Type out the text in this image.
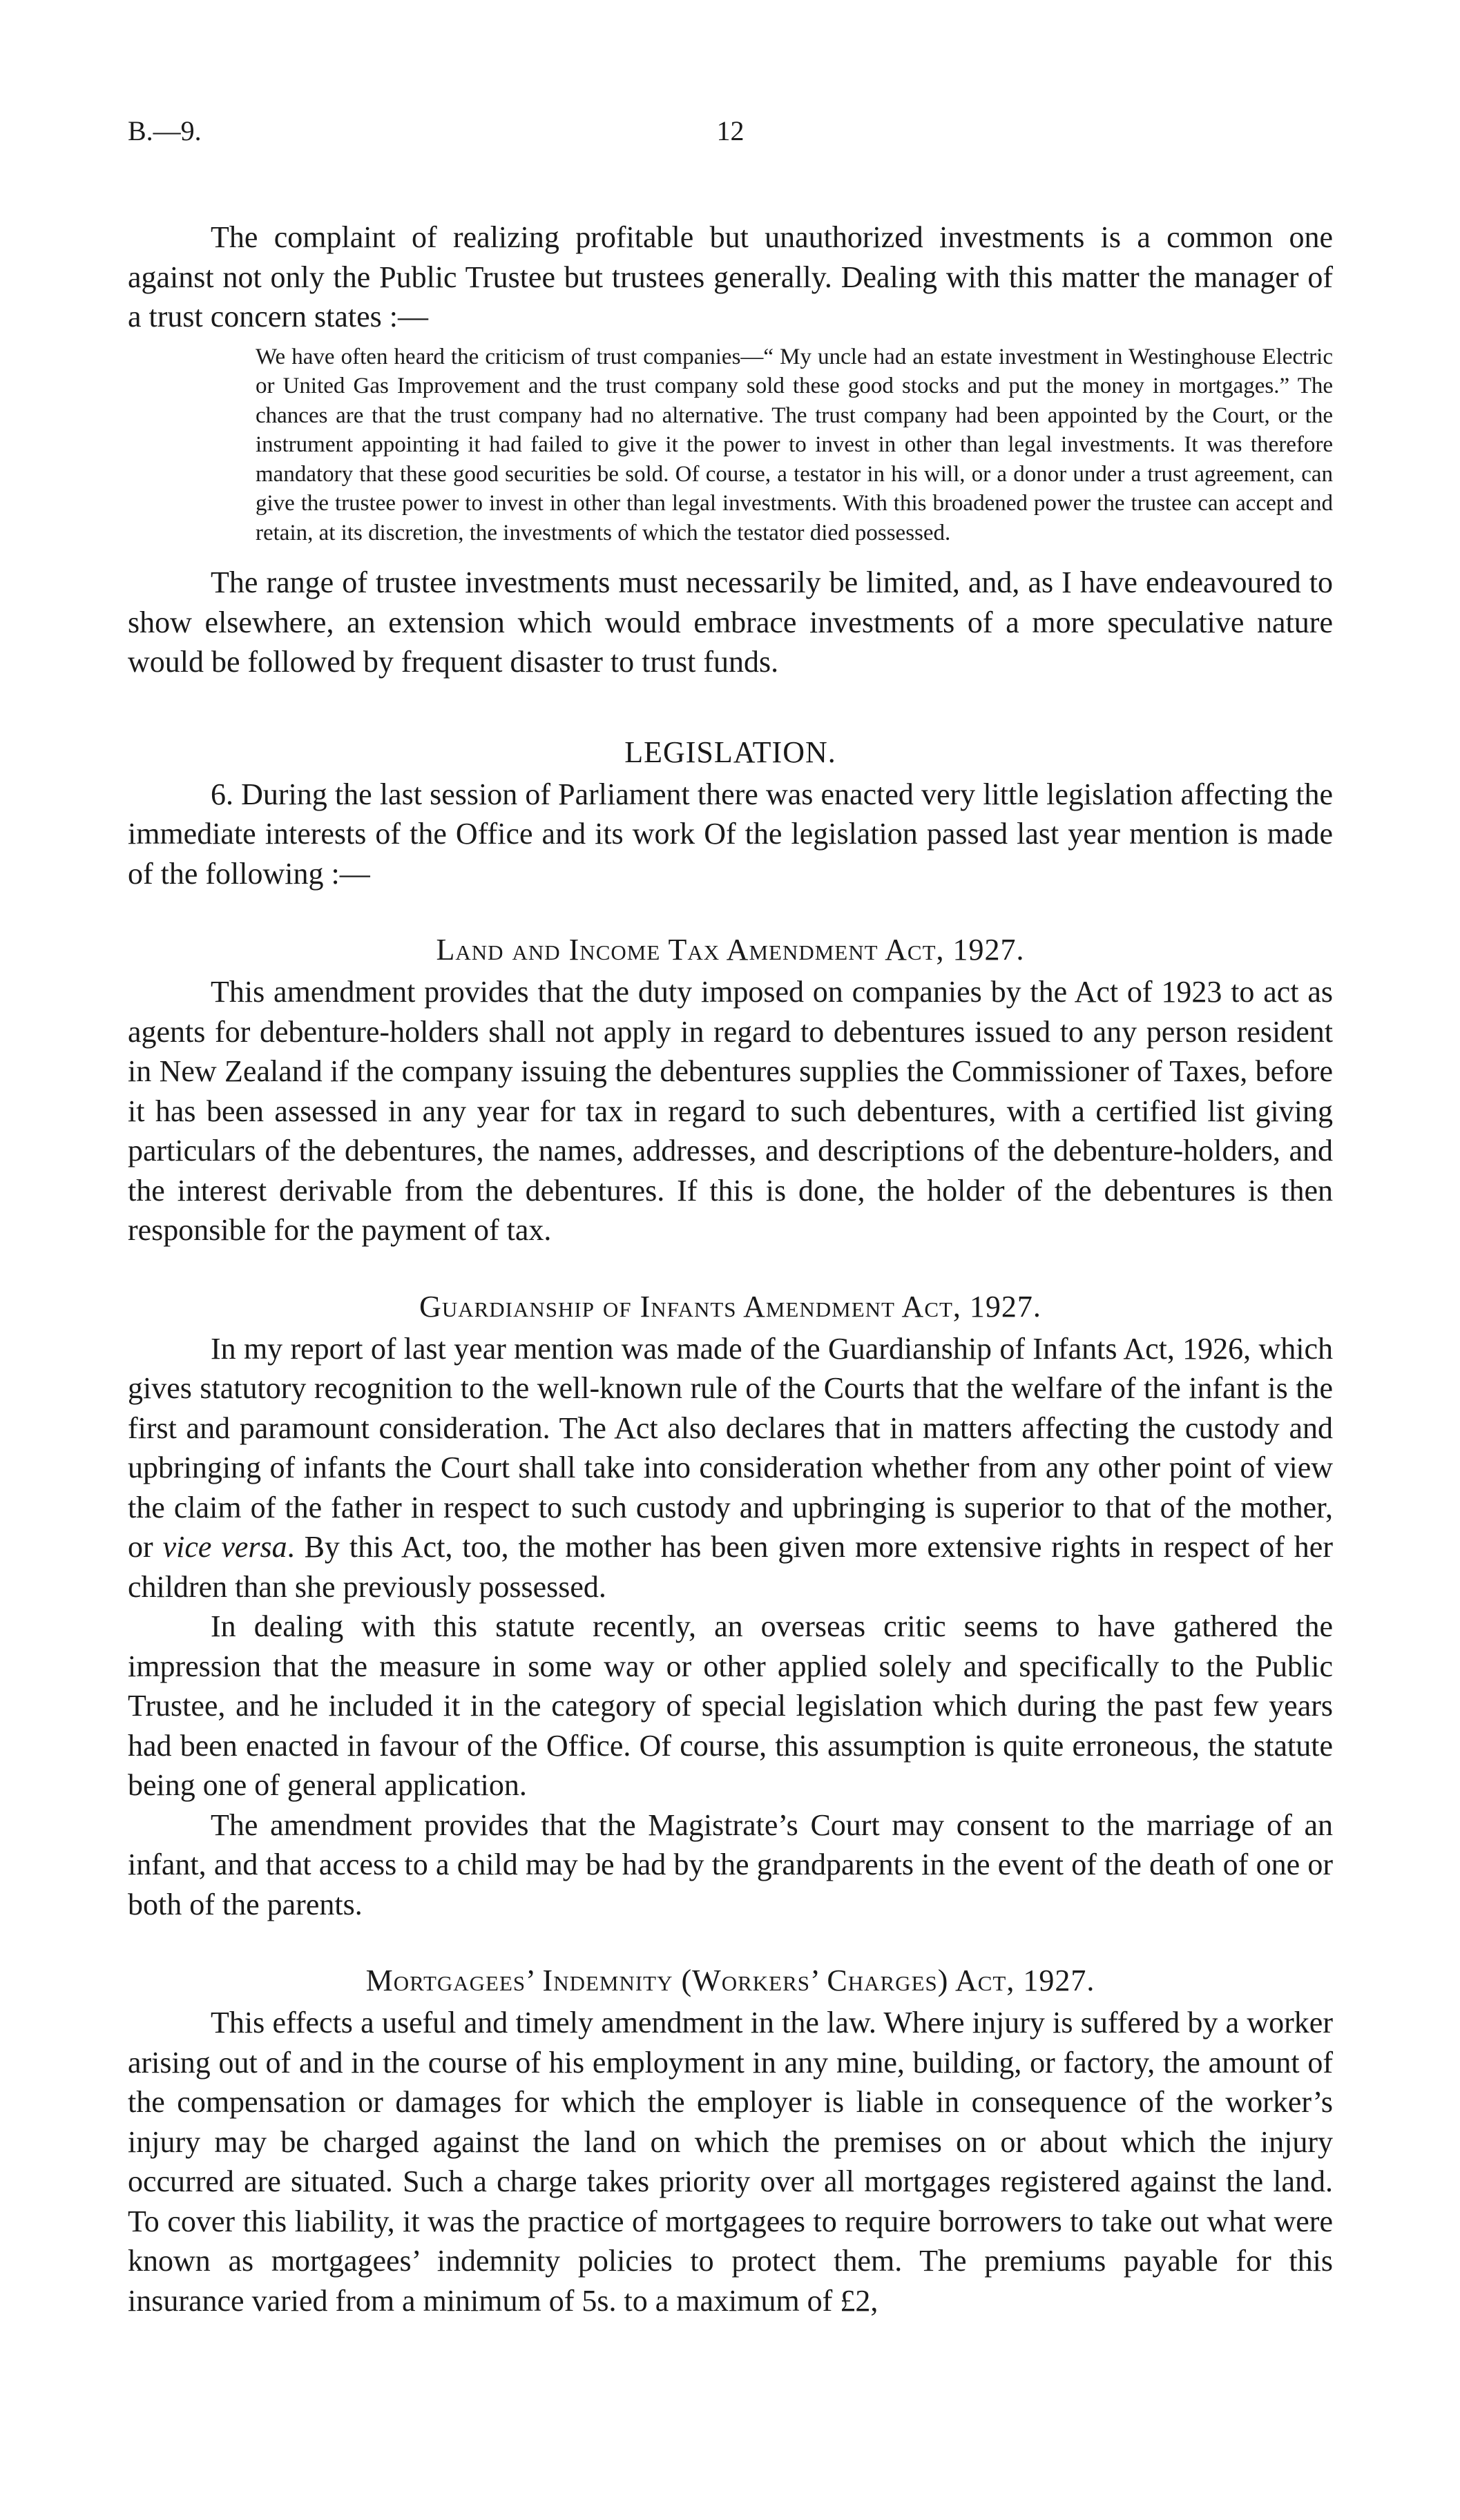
B.—9.	12

The complaint of realizing profitable but unauthorized investments is a common one against not only the Public Trustee but trustees generally. Dealing with this matter the manager of a trust concern states :—

We have often heard the criticism of trust companies—“ My uncle had an estate investment in Westinghouse Electric or United Gas Improvement and the trust company sold these good stocks and put the money in mortgages.” The chances are that the trust company had no alternative. The trust company had been appointed by the Court, or the instrument appointing it had failed to give it the power to invest in other than legal investments. It was therefore mandatory that these good securities be sold. Of course, a testator in his will, or a donor under a trust agreement, can give the trustee power to invest in other than legal investments. With this broadened power the trustee can accept and retain, at its discretion, the investments of which the testator died possessed.

The range of trustee investments must necessarily be limited, and, as I have endeavoured to show elsewhere, an extension which would embrace investments of a more speculative nature would be followed by frequent disaster to trust funds.

LEGISLATION.

6. During the last session of Parliament there was enacted very little legislation affecting the immediate interests of the Office and its work Of the legislation passed last year mention is made of the following :—

Land and Income Tax Amendment Act, 1927.

This amendment provides that the duty imposed on companies by the Act of 1923 to act as agents for debenture-holders shall not apply in regard to debentures issued to any person resident in New Zealand if the company issuing the debentures supplies the Commissioner of Taxes, before it has been assessed in any year for tax in regard to such debentures, with a certified list giving particulars of the debentures, the names, addresses, and descriptions of the debenture-holders, and the interest derivable from the debentures. If this is done, the holder of the debentures is then responsible for the payment of tax.

Guardianship of Infants Amendment Act, 1927.

In my report of last year mention was made of the Guardianship of Infants Act, 1926, which gives statutory recognition to the well-known rule of the Courts that the welfare of the infant is the first and paramount consideration. The Act also declares that in matters affecting the custody and upbringing of infants the Court shall take into consideration whether from any other point of view the claim of the father in respect to such custody and upbringing is superior to that of the mother, or vice versa. By this Act, too, the mother has been given more extensive rights in respect of her children than she previously possessed.

In dealing with this statute recently, an overseas critic seems to have gathered the impression that the measure in some way or other applied solely and specifically to the Public Trustee, and he included it in the category of special legislation which during the past few years had been enacted in favour of the Office. Of course, this assumption is quite erroneous, the statute being one of general application.

The amendment provides that the Magistrate’s Court may consent to the marriage of an infant, and that access to a child may be had by the grandparents in the event of the death of one or both of the parents.

Mortgagees’ Indemnity (Workers’ Charges) Act, 1927.

This effects a useful and timely amendment in the law. Where injury is suffered by a worker arising out of and in the course of his employment in any mine, building, or factory, the amount of the compensation or damages for which the employer is liable in consequence of the worker’s injury may be charged against the land on which the premises on or about which the injury occurred are situated. Such a charge takes priority over all mortgages registered against the land. To cover this liability, it was the practice of mortgagees to require borrowers to take out what were known as mortgagees’ indemnity policies to protect them. The premiums payable for this insurance varied from a minimum of 5s. to a maximum of £2,
